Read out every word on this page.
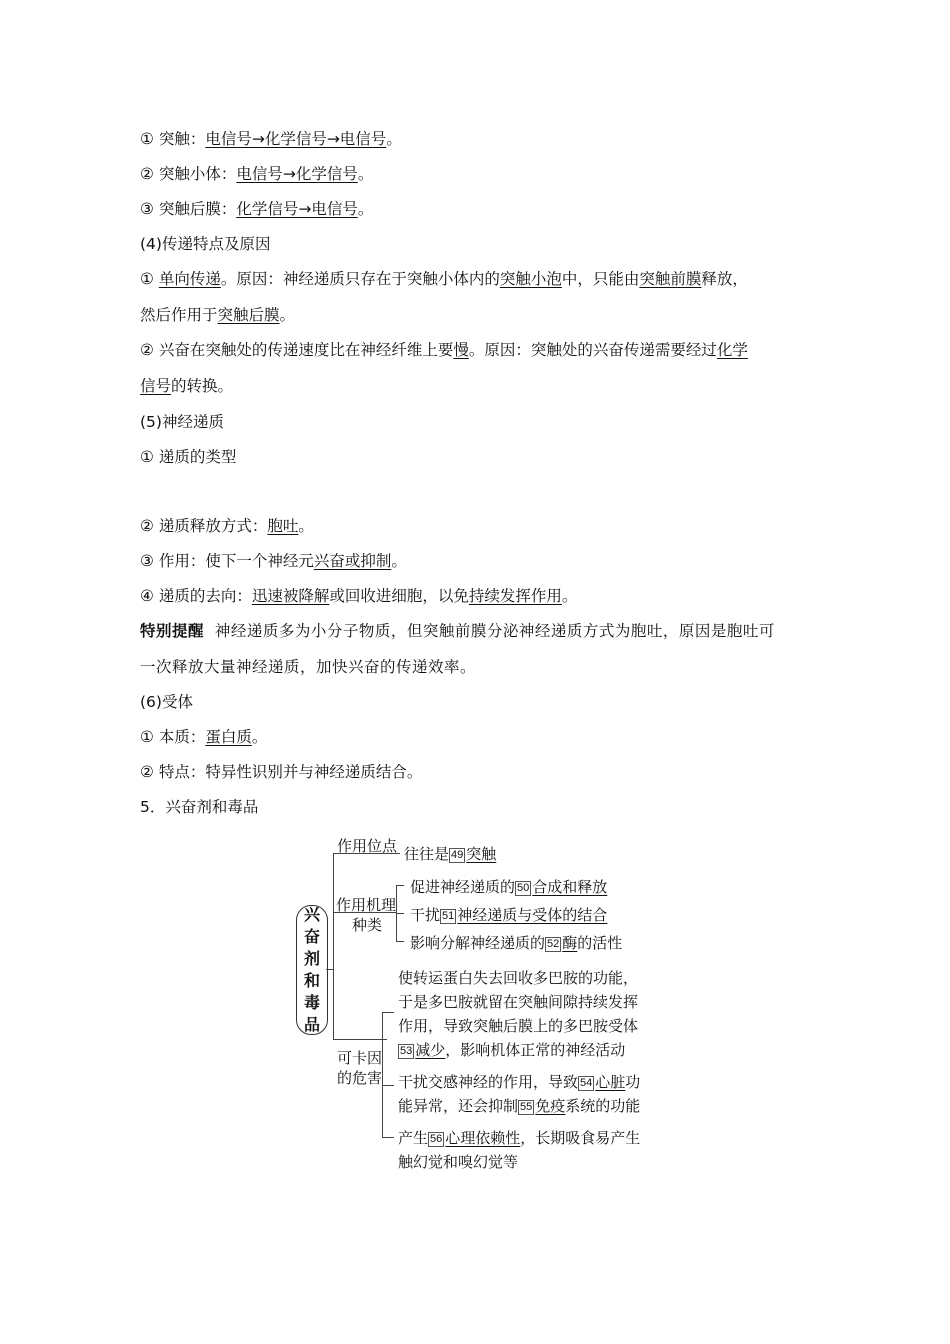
① 突触：电信号→化学信号→电信号。
② 突触小体：电信号→化学信号。
③ 突触后膜：化学信号→电信号。
(4)传递特点及原因
① 单向传递。原因：神经递质只存在于突触小体内的突触小泡中，只能由突触前膜释放，
然后作用于突触后膜。
② 兴奋在突触处的传递速度比在神经纤维上要慢。原因：突触处的兴奋传递需要经过化学
信号的转换。
(5)神经递质
① 递质的类型
② 递质释放方式：胞吐。
③ 作用：使下一个神经元兴奋或抑制。
④ 递质的去向：迅速被降解或回收进细胞，以免持续发挥作用。
特别提醒 神经递质多为小分子物质，但突触前膜分泌神经递质方式为胞吐，原因是胞吐可
一次释放大量神经递质，加快兴奋的传递效率。
(6)受体
① 本质：蛋白质。
② 特点：特异性识别并与神经递质结合。
5．兴奋剂和毒品
兴
奋
剂
和
毒
品
作用位点 往往是 49 突触
作用机理
种类
促进神经递质的 50 合成和释放
干扰 51 神经递质与受体的结合
影响分解神经递质的 52 酶的活性
可卡因
的危害
使转运蛋白失去回收多巴胺的功能，
于是多巴胺就留在突触间隙持续发挥
作用，导致突触后膜上的多巴胺受体
53 减少，影响机体正常的神经活动
干扰交感神经的作用，导致 54 心脏功
能异常，还会抑制 55 免疫系统的功能
产生 56 心理依赖性，长期吸食易产生
触幻觉和嗅幻觉等
